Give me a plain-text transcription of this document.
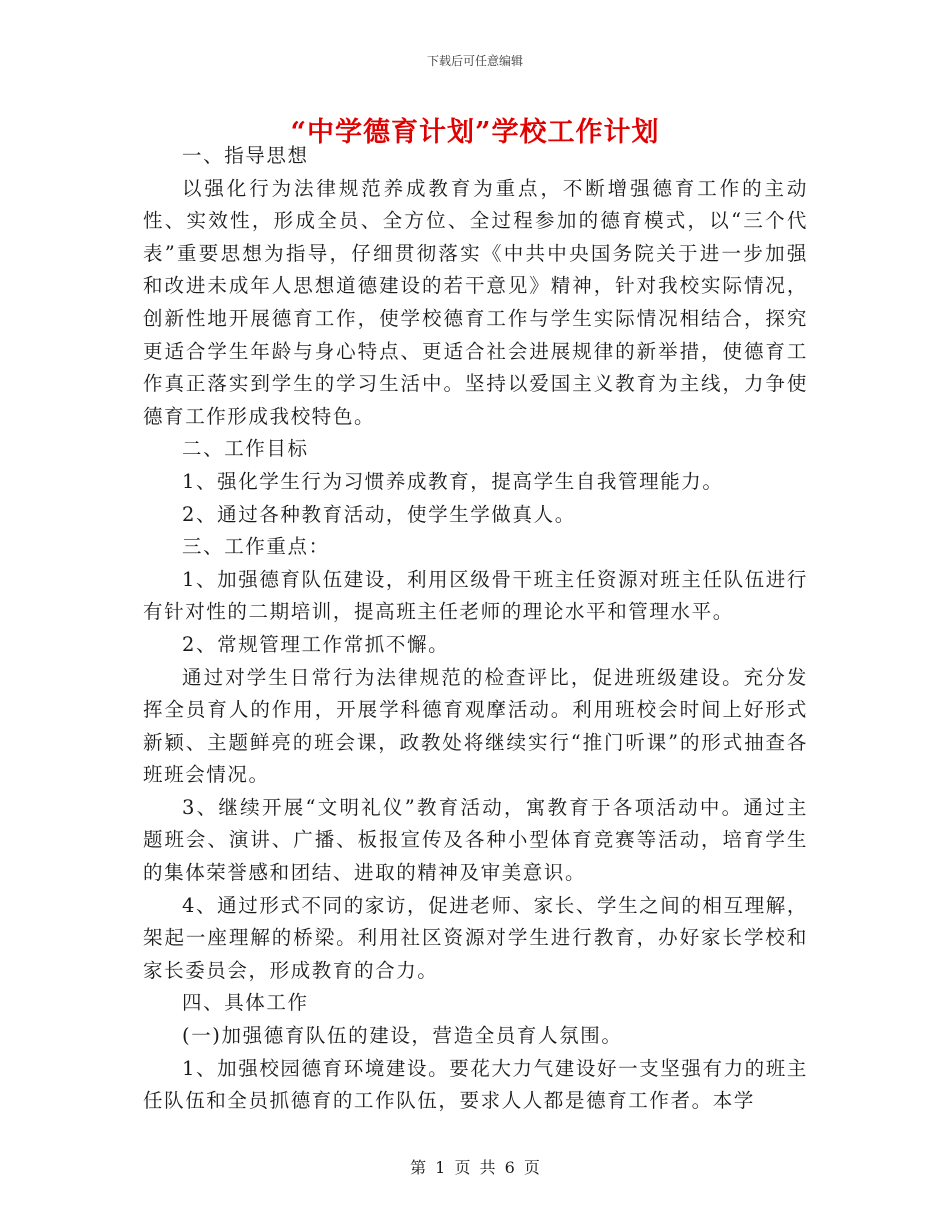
下载后可任意编辑
“中学德育计划”学校工作计划

一、指导思想

以强化行为法律规范养成教育为重点，不断增强德育工作的主动性、实效性，形成全员、全方位、全过程参加的德育模式，以“三个代表”重要思想为指导，仔细贯彻落实《中共中央国务院关于进一步加强和改进未成年人思想道德建设的若干意见》精神，针对我校实际情况，创新性地开展德育工作，使学校德育工作与学生实际情况相结合，探究更适合学生年龄与身心特点、更适合社会进展规律的新举措，使德育工作真正落实到学生的学习生活中。坚持以爱国主义教育为主线，力争使德育工作形成我校特色。

二、工作目标

1、强化学生行为习惯养成教育，提高学生自我管理能力。

2、通过各种教育活动，使学生学做真人。

三、工作重点：

1、加强德育队伍建设，利用区级骨干班主任资源对班主任队伍进行有针对性的二期培训，提高班主任老师的理论水平和管理水平。

2、常规管理工作常抓不懈。

通过对学生日常行为法律规范的检查评比，促进班级建设。充分发挥全员育人的作用，开展学科德育观摩活动。利用班校会时间上好形式新颖、主题鲜亮的班会课，政教处将继续实行“推门听课”的形式抽查各班班会情况。

3、继续开展“文明礼仪”教育活动，寓教育于各项活动中。通过主题班会、演讲、广播、板报宣传及各种小型体育竞赛等活动，培育学生的集体荣誉感和团结、进取的精神及审美意识。

4、通过形式不同的家访，促进老师、家长、学生之间的相互理解，架起一座理解的桥梁。利用社区资源对学生进行教育，办好家长学校和家长委员会，形成教育的合力。

四、具体工作

(一)加强德育队伍的建设，营造全员育人氛围。

1、加强校园德育环境建设。要花大力气建设好一支坚强有力的班主任队伍和全员抓德育的工作队伍，要求人人都是德育工作者。本学

第 1 页 共 6 页
